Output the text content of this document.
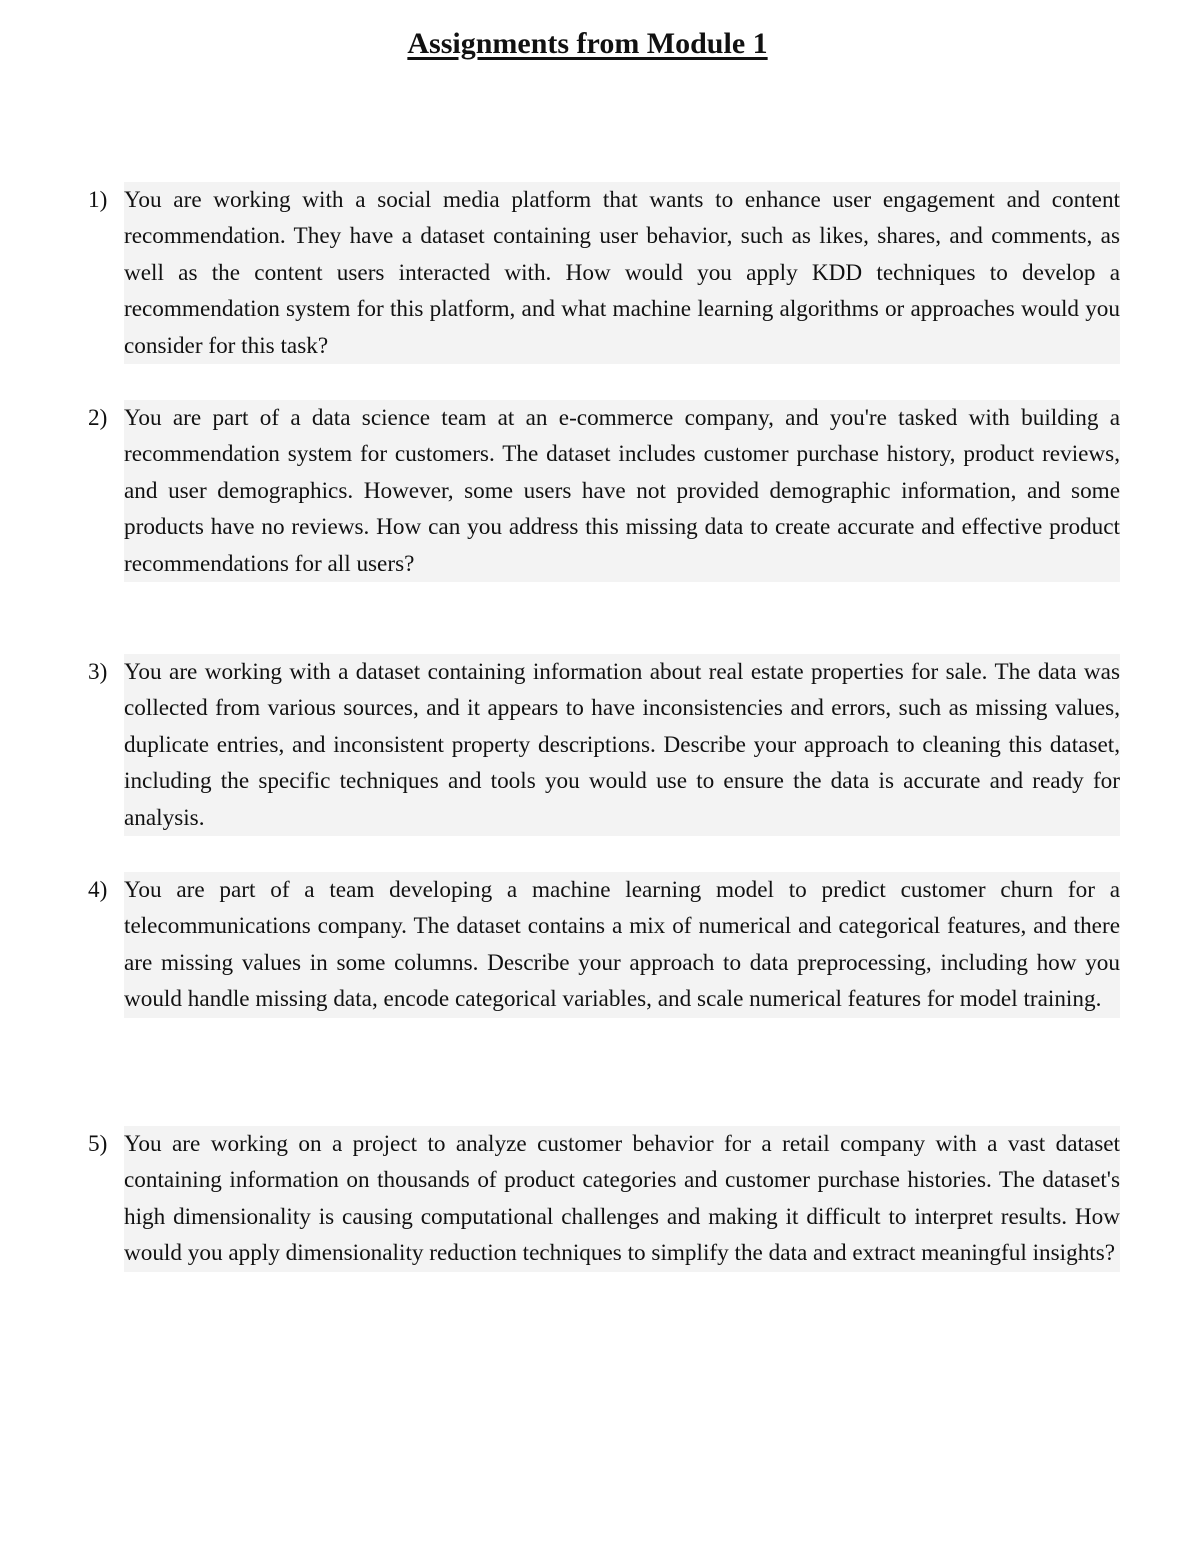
Assignments from Module 1
1) You are working with a social media platform that wants to enhance user engagement and content recommendation. They have a dataset containing user behavior, such as likes, shares, and comments, as well as the content users interacted with. How would you apply KDD techniques to develop a recommendation system for this platform, and what machine learning algorithms or approaches would you consider for this task?
2) You are part of a data science team at an e-commerce company, and you're tasked with building a recommendation system for customers. The dataset includes customer purchase history, product reviews, and user demographics. However, some users have not provided demographic information, and some products have no reviews. How can you address this missing data to create accurate and effective product recommendations for all users?
3) You are working with a dataset containing information about real estate properties for sale. The data was collected from various sources, and it appears to have inconsistencies and errors, such as missing values, duplicate entries, and inconsistent property descriptions. Describe your approach to cleaning this dataset, including the specific techniques and tools you would use to ensure the data is accurate and ready for analysis.
4) You are part of a team developing a machine learning model to predict customer churn for a telecommunications company. The dataset contains a mix of numerical and categorical features, and there are missing values in some columns. Describe your approach to data preprocessing, including how you would handle missing data, encode categorical variables, and scale numerical features for model training.
5) You are working on a project to analyze customer behavior for a retail company with a vast dataset containing information on thousands of product categories and customer purchase histories. The dataset's high dimensionality is causing computational challenges and making it difficult to interpret results. How would you apply dimensionality reduction techniques to simplify the data and extract meaningful insights?
